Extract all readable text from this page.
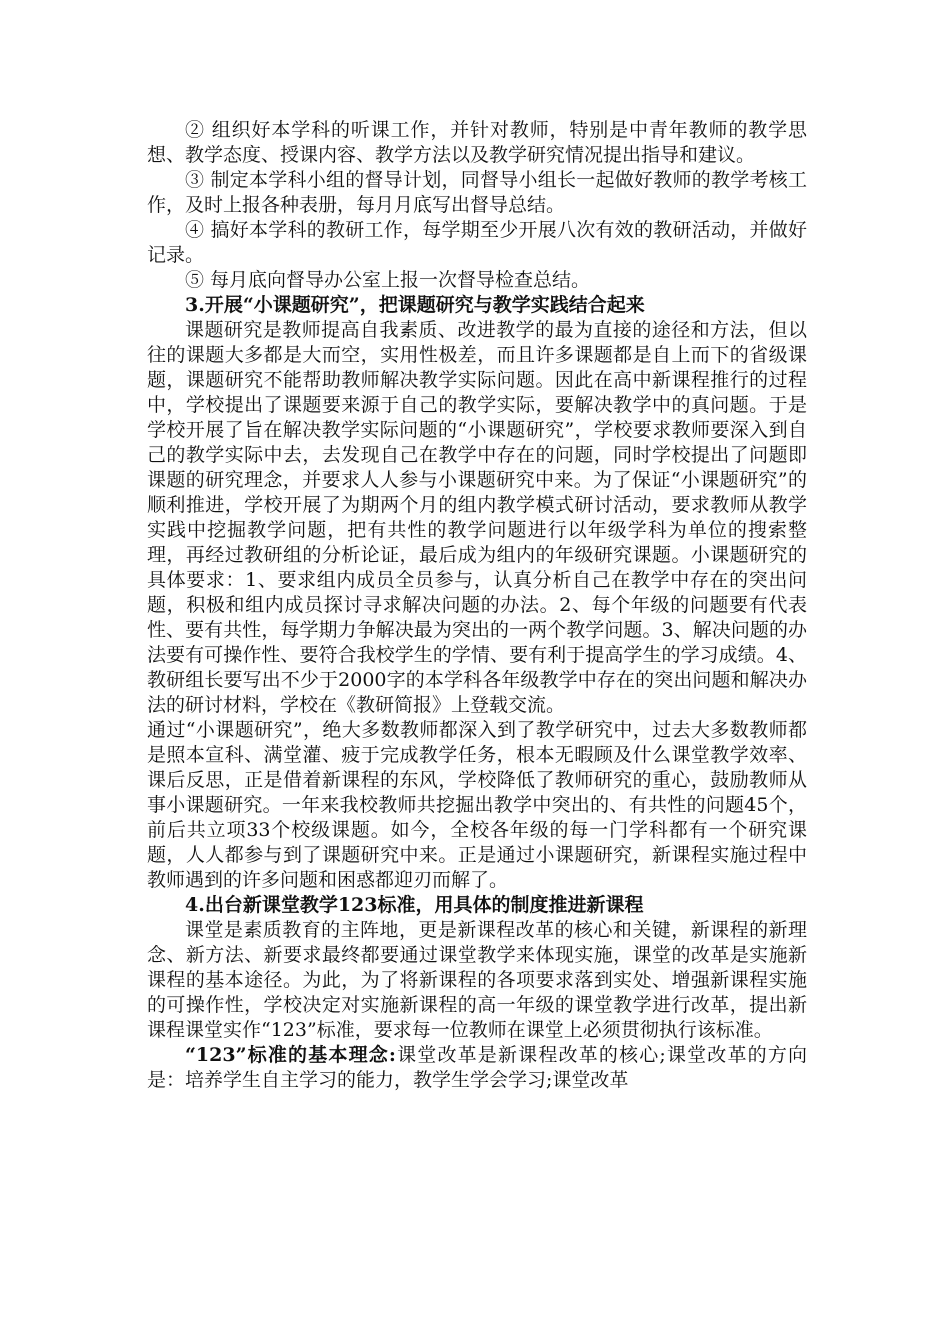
② 组织好本学科的听课工作，并针对教师，特别是中青年教师的教学思想、教学态度、授课内容、教学方法以及教学研究情况提出指导和建议。

③ 制定本学科小组的督导计划，同督导小组长一起做好教师的教学考核工作，及时上报各种表册，每月月底写出督导总结。

④ 搞好本学科的教研工作，每学期至少开展八次有效的教研活动，并做好记录。

⑤ 每月底向督导办公室上报一次督导检查总结。

3.开展“小课题研究”，把课题研究与教学实践结合起来

课题研究是教师提高自我素质、改进教学的最为直接的途径和方法，但以往的课题大多都是大而空，实用性极差，而且许多课题都是自上而下的省级课题，课题研究不能帮助教师解决教学实际问题。因此在高中新课程推行的过程中，学校提出了课题要来源于自己的教学实际，要解决教学中的真问题。于是学校开展了旨在解决教学实际问题的“小课题研究”，学校要求教师要深入到自己的教学实际中去，去发现自己在教学中存在的问题，同时学校提出了问题即课题的研究理念，并要求人人参与小课题研究中来。为了保证“小课题研究”的顺利推进，学校开展了为期两个月的组内教学模式研讨活动，要求教师从教学实践中挖掘教学问题，把有共性的教学问题进行以年级学科为单位的搜索整理，再经过教研组的分析论证，最后成为组内的年级研究课题。小课题研究的具体要求：1、要求组内成员全员参与，认真分析自己在教学中存在的突出问题，积极和组内成员探讨寻求解决问题的办法。2、每个年级的问题要有代表性、要有共性，每学期力争解决最为突出的一两个教学问题。3、解决问题的办法要有可操作性、要符合我校学生的学情、要有利于提高学生的学习成绩。4、教研组长要写出不少于2000字的本学科各年级教学中存在的突出问题和解决办法的研讨材料，学校在《教研简报》上登载交流。

通过“小课题研究”，绝大多数教师都深入到了教学研究中，过去大多数教师都是照本宣科、满堂灌、疲于完成教学任务，根本无暇顾及什么课堂教学效率、课后反思，正是借着新课程的东风，学校降低了教师研究的重心，鼓励教师从事小课题研究。一年来我校教师共挖掘出教学中突出的、有共性的问题45个，前后共立项33个校级课题。如今，全校各年级的每一门学科都有一个研究课题，人人都参与到了课题研究中来。正是通过小课题研究，新课程实施过程中教师遇到的许多问题和困惑都迎刃而解了。

4.出台新课堂教学123标准，用具体的制度推进新课程

课堂是素质教育的主阵地，更是新课程改革的核心和关键，新课程的新理念、新方法、新要求最终都要通过课堂教学来体现实施，课堂的改革是实施新课程的基本途径。为此，为了将新课程的各项要求落到实处、增强新课程实施的可操作性，学校决定对实施新课程的高一年级的课堂教学进行改革，提出新课程课堂实作“123”标准，要求每一位教师在课堂上必须贯彻执行该标准。

“123”标准的基本理念:课堂改革是新课程改革的核心;课堂改革的方向是：培养学生自主学习的能力，教学生学会学习;课堂改革
